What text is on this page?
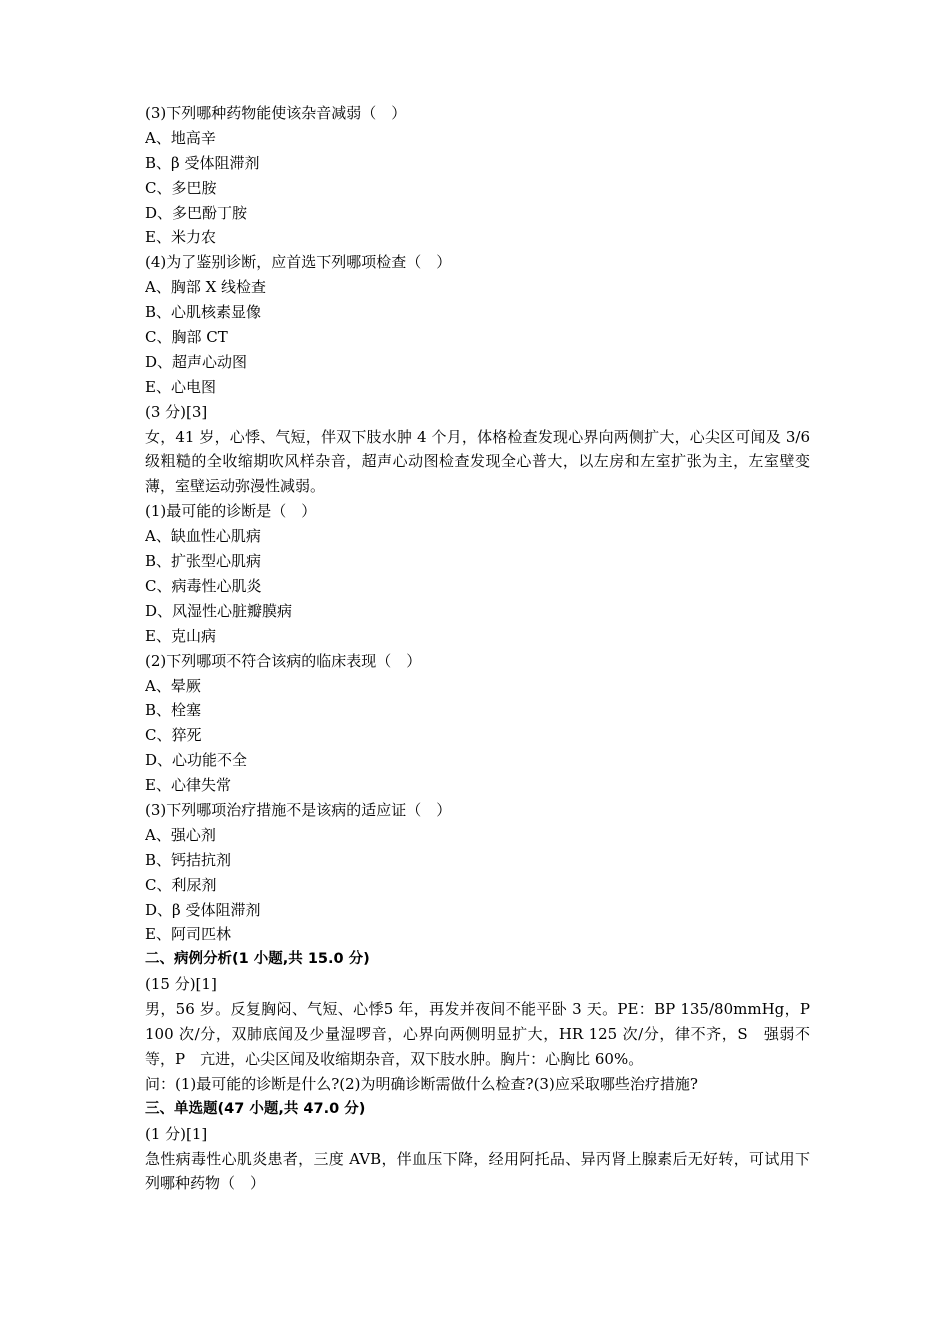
(3)下列哪种药物能使该杂音减弱（　）
A、地高辛
B、β 受体阻滞剂
C、多巴胺
D、多巴酚丁胺
E、米力农
(4)为了鉴别诊断，应首选下列哪项检查（　）
A、胸部 X 线检查
B、心肌核素显像
C、胸部 CT
D、超声心动图
E、心电图
(3 分)[3]
女，41 岁，心悸、气短，伴双下肢水肿 4 个月，体格检查发现心界向两侧扩大，心尖区可闻及 3/6 级粗糙的全收缩期吹风样杂音，超声心动图检查发现全心普大，以左房和左室扩张为主，左室壁变薄，室壁运动弥漫性减弱。
(1)最可能的诊断是（　）
A、缺血性心肌病
B、扩张型心肌病
C、病毒性心肌炎
D、风湿性心脏瓣膜病
E、克山病
(2)下列哪项不符合该病的临床表现（　）
A、晕厥
B、栓塞
C、猝死
D、心功能不全
E、心律失常
(3)下列哪项治疗措施不是该病的适应证（　）
A、强心剂
B、钙拮抗剂
C、利尿剂
D、β 受体阻滞剂
E、阿司匹林
二、病例分析(1 小题,共 15.0 分)
(15 分)[1]
男，56 岁。反复胸闷、气短、心悸5 年，再发并夜间不能平卧 3 天。PE：BP 135/80mmHg，P 100 次/分，双肺底闻及少量湿啰音，心界向两侧明显扩大，HR 125 次/分，律不齐，S　强弱不等，P　亢进，心尖区闻及收缩期杂音，双下肢水肿。胸片：心胸比 60%。
问：(1)最可能的诊断是什么?(2)为明确诊断需做什么检查?(3)应采取哪些治疗措施?
三、单选题(47 小题,共 47.0 分)
(1 分)[1]
急性病毒性心肌炎患者，三度 AVB，伴血压下降，经用阿托品、异丙肾上腺素后无好转，可试用下列哪种药物（　）
